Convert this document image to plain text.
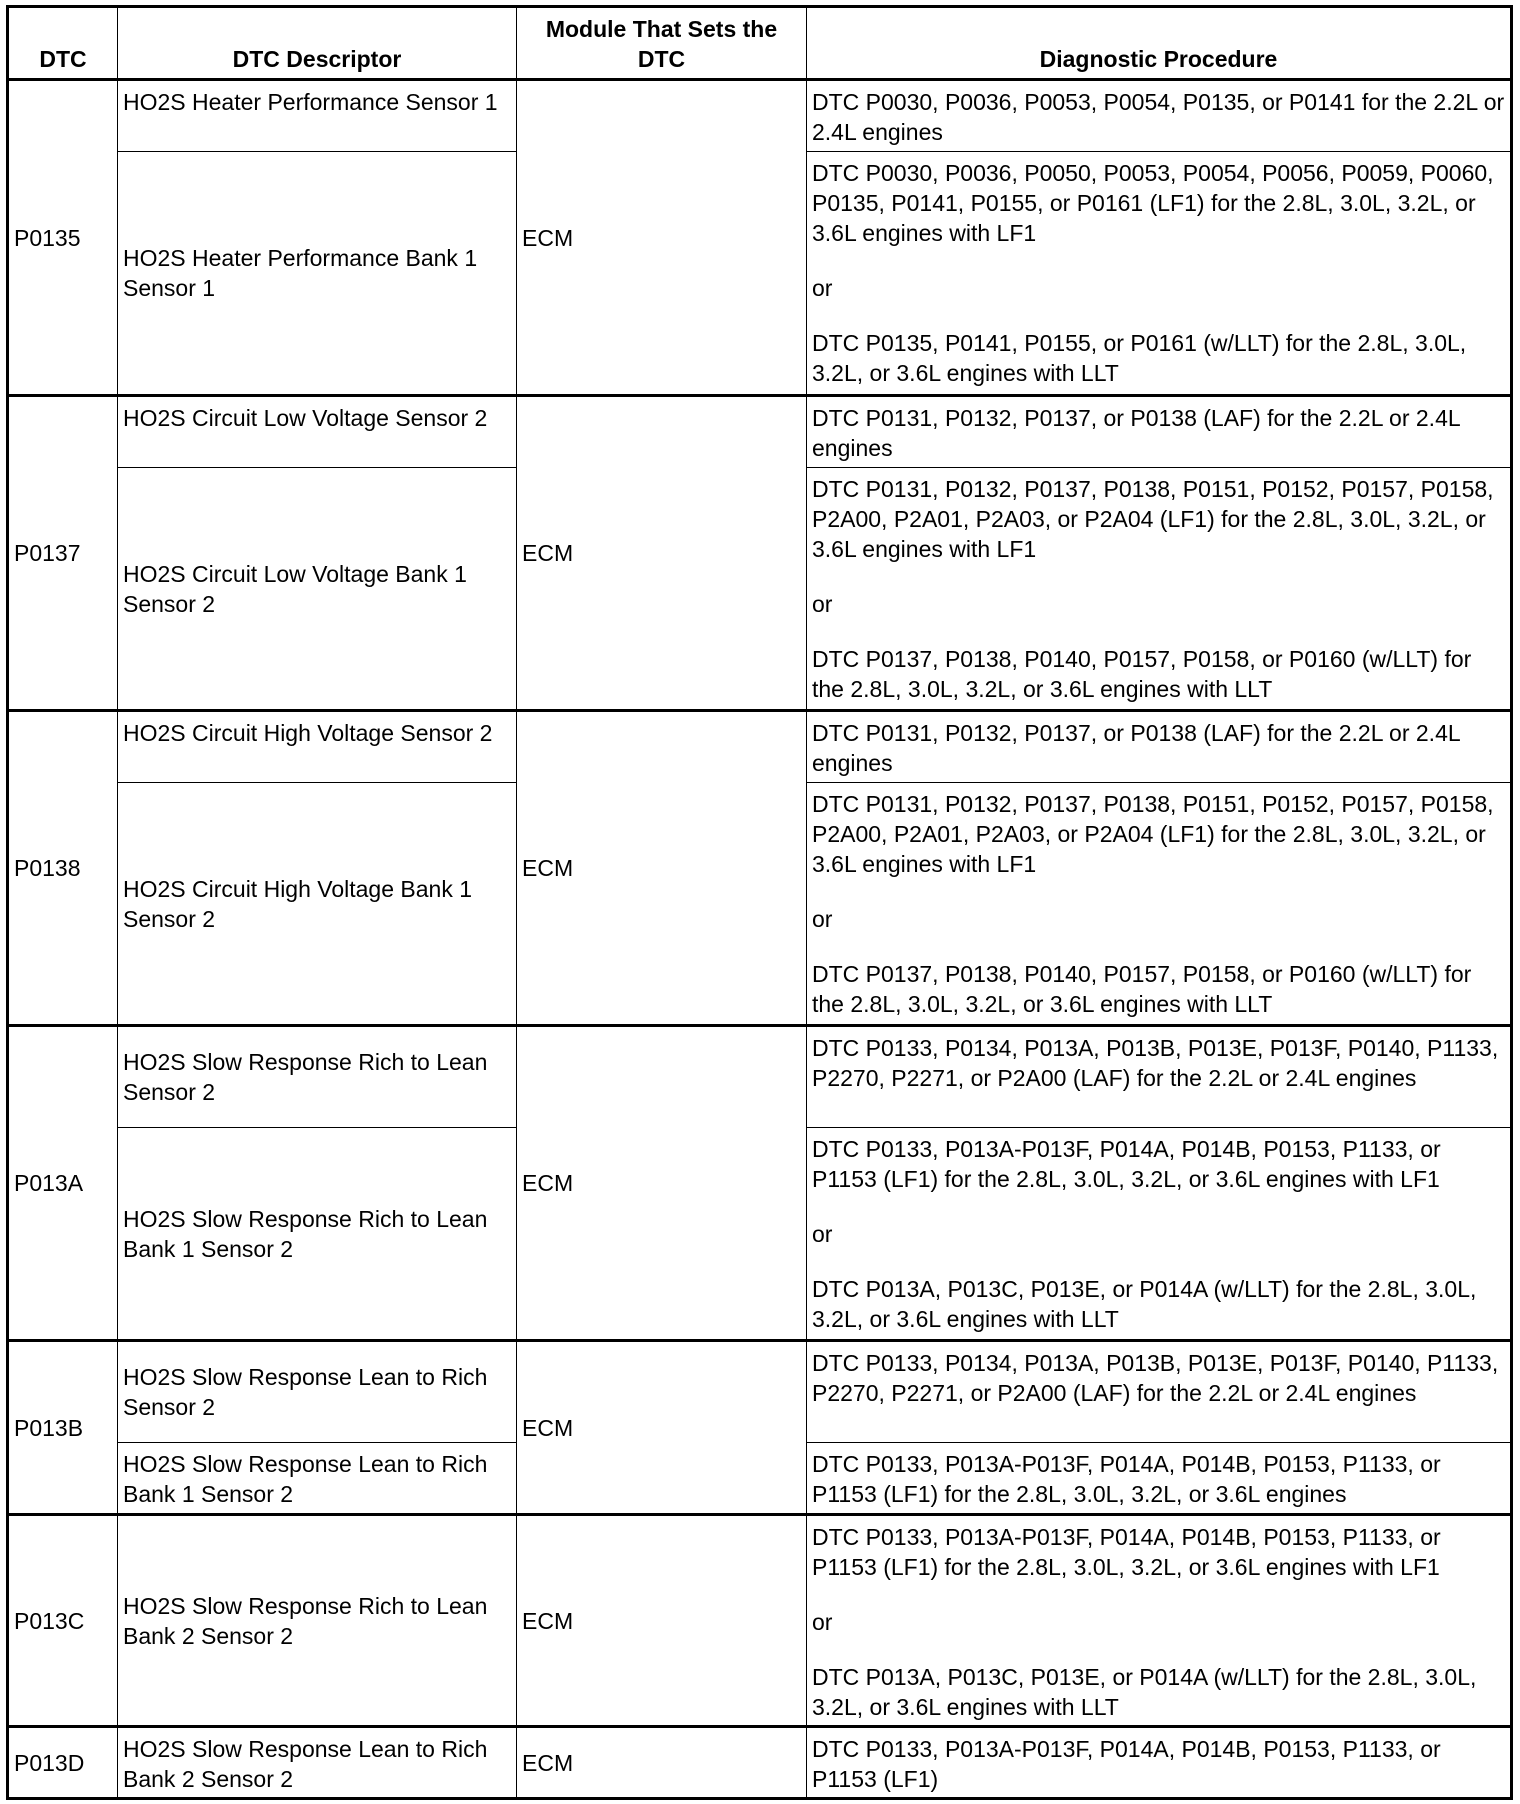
DTC	DTC Descriptor	Module That Sets the DTC	Diagnostic Procedure
P0135	HO2S Heater Performance Sensor 1	ECM	DTC P0030, P0036, P0053, P0054, P0135, or P0141 for the 2.2L or 2.4L engines

	HO2S Heater Performance Bank 1 Sensor 1		DTC P0030, P0036, P0050, P0053, P0054, P0056, P0059, P0060, P0135, P0141, P0155, or P0161 (LF1) for the 2.8L, 3.0L, 3.2L, or 3.6L engines with LF1
or
DTC P0135, P0141, P0155, or P0161 (w/LLT) for the 2.8L, 3.0L, 3.2L, or 3.6L engines with LLT

P0137	HO2S Circuit Low Voltage Sensor 2	ECM	DTC P0131, P0132, P0137, or P0138 (LAF) for the 2.2L or 2.4L engines

	HO2S Circuit Low Voltage Bank 1 Sensor 2		DTC P0131, P0132, P0137, P0138, P0151, P0152, P0157, P0158, P2A00, P2A01, P2A03, or P2A04 (LF1) for the 2.8L, 3.0L, 3.2L, or 3.6L engines with LF1
or
DTC P0137, P0138, P0140, P0157, P0158, or P0160 (w/LLT) for the 2.8L, 3.0L, 3.2L, or 3.6L engines with LLT

P0138	HO2S Circuit High Voltage Sensor 2	ECM	DTC P0131, P0132, P0137, or P0138 (LAF) for the 2.2L or 2.4L engines

	HO2S Circuit High Voltage Bank 1 Sensor 2		DTC P0131, P0132, P0137, P0138, P0151, P0152, P0157, P0158, P2A00, P2A01, P2A03, or P2A04 (LF1) for the 2.8L, 3.0L, 3.2L, or 3.6L engines with LF1
or
DTC P0137, P0138, P0140, P0157, P0158, or P0160 (w/LLT) for the 2.8L, 3.0L, 3.2L, or 3.6L engines with LLT

P013A	HO2S Slow Response Rich to Lean Sensor 2	ECM	DTC P0133, P0134, P013A, P013B, P013E, P013F, P0140, P1133, P2270, P2271, or P2A00 (LAF) for the 2.2L or 2.4L engines

	HO2S Slow Response Rich to Lean Bank 1 Sensor 2		DTC P0133, P013A-P013F, P014A, P014B, P0153, P1133, or P1153 (LF1) for the 2.8L, 3.0L, 3.2L, or 3.6L engines with LF1
or
DTC P013A, P013C, P013E, or P014A (w/LLT) for the 2.8L, 3.0L, 3.2L, or 3.6L engines with LLT

P013B	HO2S Slow Response Lean to Rich Sensor 2	ECM	DTC P0133, P0134, P013A, P013B, P013E, P013F, P0140, P1133, P2270, P2271, or P2A00 (LAF) for the 2.2L or 2.4L engines

	HO2S Slow Response Lean to Rich Bank 1 Sensor 2		DTC P0133, P013A-P013F, P014A, P014B, P0153, P1133, or P1153 (LF1) for the 2.8L, 3.0L, 3.2L, or 3.6L engines

P013C	HO2S Slow Response Rich to Lean Bank 2 Sensor 2	ECM	DTC P0133, P013A-P013F, P014A, P014B, P0153, P1133, or P1153 (LF1) for the 2.8L, 3.0L, 3.2L, or 3.6L engines with LF1
or
DTC P013A, P013C, P013E, or P014A (w/LLT) for the 2.8L, 3.0L, 3.2L, or 3.6L engines with LLT

P013D	HO2S Slow Response Lean to Rich Bank 2 Sensor 2	ECM	DTC P0133, P013A-P013F, P014A, P014B, P0153, P1133, or P1153 (LF1)
